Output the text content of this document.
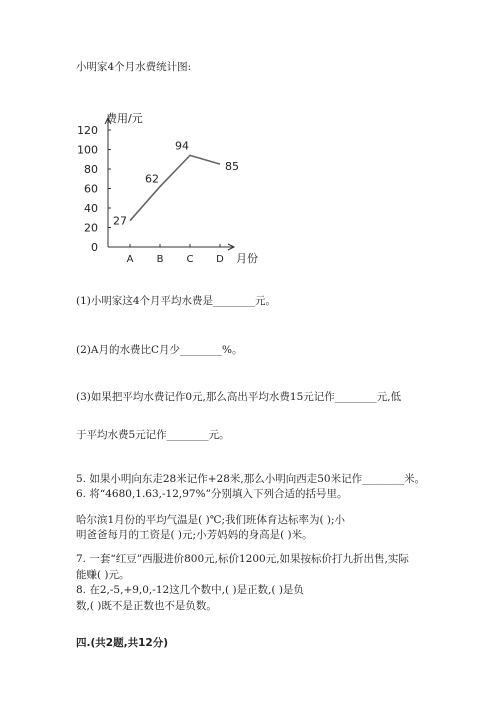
小明家4个月水费统计图:
0
20
40
60
80
100
120
A B C D
27
62
94
85
费用/元
月份
(1)小明家这4个月平均水费是________元。
(2)A月的水费比C月少________%。
(3)如果把平均水费记作0元,那么高出平均水费15元记作________元,低
于平均水费5元记作________元。
5. 如果小明向东走28米记作+28米,那么小明向西走50米记作________米。
6. 将“4680,1.63,-12,97%”分别填入下列合适的括号里。
哈尔滨1月份的平均气温是( )℃;我们班体育达标率为( );小
明爸爸每月的工资是( )元;小芳妈妈的身高是( )米。
7. 一套“红豆”西服进价800元,标价1200元,如果按标价打九折出售,实际
能赚( )元。
8. 在2,-5,+9,0,-12这几个数中,( )是正数,( )是负
数,( )既不是正数也不是负数。
四.(共2题,共12分)
